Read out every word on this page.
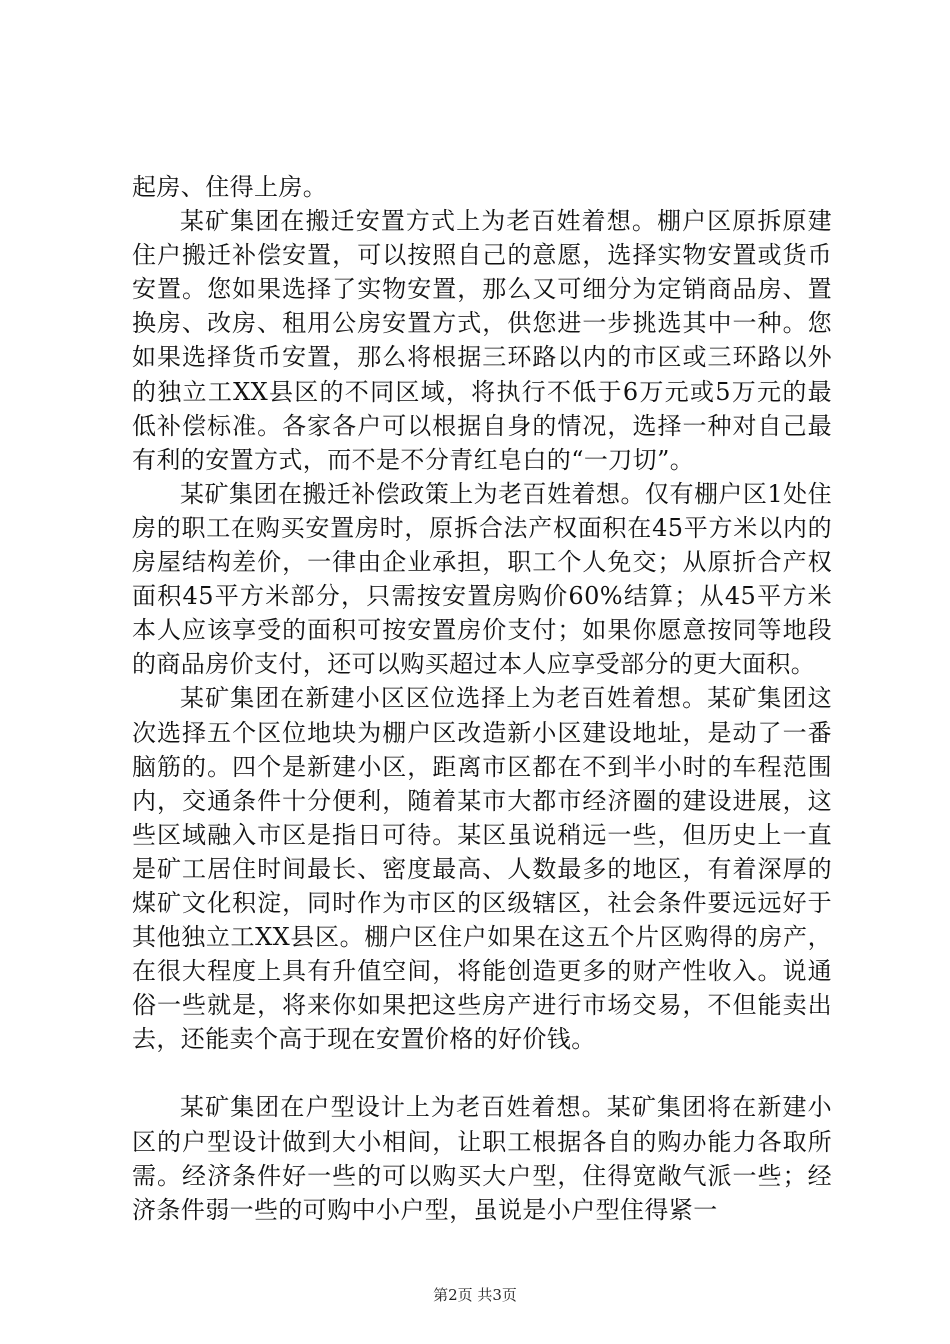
起房、住得上房。

某矿集团在搬迁安置方式上为老百姓着想。棚户区原拆原建住户搬迁补偿安置，可以按照自己的意愿，选择实物安置或货币安置。您如果选择了实物安置，那么又可细分为定销商品房、置换房、改房、租用公房安置方式，供您进一步挑选其中一种。您如果选择货币安置，那么将根据三环路以内的市区或三环路以外的独立工XX县区的不同区域，将执行不低于6万元或5万元的最低补偿标准。各家各户可以根据自身的情况，选择一种对自己最有利的安置方式，而不是不分青红皂白的“一刀切”。

某矿集团在搬迁补偿政策上为老百姓着想。仅有棚户区1处住房的职工在购买安置房时，原拆合法产权面积在45平方米以内的房屋结构差价，一律由企业承担，职工个人免交；从原折合产权面积45平方米部分，只需按安置房购价60%结算；从45平方米本人应该享受的面积可按安置房价支付；如果你愿意按同等地段的商品房价支付，还可以购买超过本人应享受部分的更大面积。

某矿集团在新建小区区位选择上为老百姓着想。某矿集团这次选择五个区位地块为棚户区改造新小区建设地址，是动了一番脑筋的。四个是新建小区，距离市区都在不到半小时的车程范围内，交通条件十分便利，随着某市大都市经济圈的建设进展，这些区域融入市区是指日可待。某区虽说稍远一些，但历史上一直是矿工居住时间最长、密度最高、人数最多的地区，有着深厚的煤矿文化积淀，同时作为市区的区级辖区，社会条件要远远好于其他独立工XX县区。棚户区住户如果在这五个片区购得的房产，在很大程度上具有升值空间，将能创造更多的财产性收入。说通俗一些就是，将来你如果把这些房产进行市场交易，不但能卖出去，还能卖个高于现在安置价格的好价钱。

某矿集团在户型设计上为老百姓着想。某矿集团将在新建小区的户型设计做到大小相间，让职工根据各自的购办能力各取所需。经济条件好一些的可以购买大户型，住得宽敞气派一些；经济条件弱一些的可购中小户型，虽说是小户型住得紧一

第2页 共3页
